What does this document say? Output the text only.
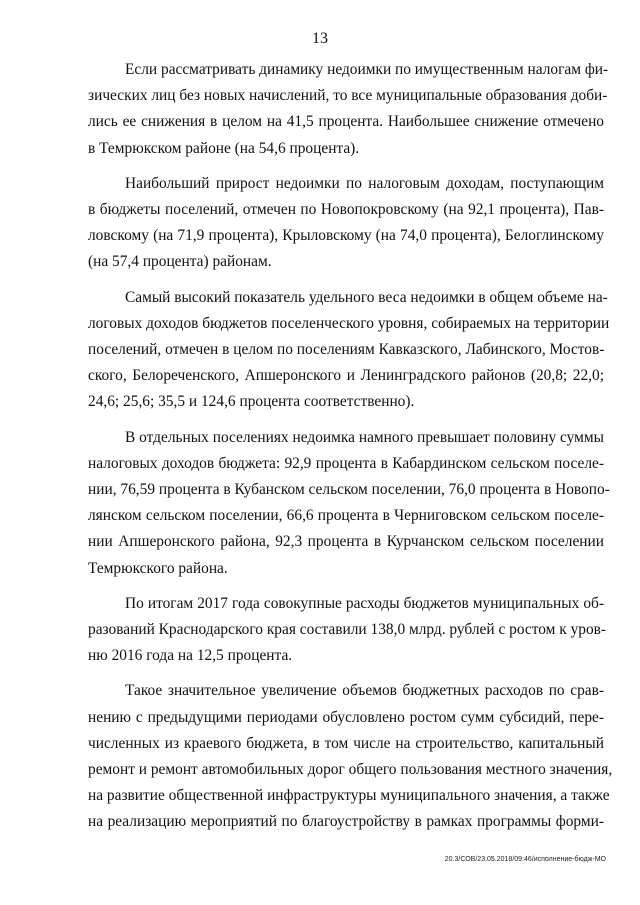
13

Если рассматривать динамику недоимки по имущественным налогам фи-
зических лиц без новых начислений, то все муниципальные образования доби-
лись ее снижения в целом на 41,5 процента. Наибольшее снижение отмечено
в Темрюкском районе (на 54,6 процента).

Наибольший прирост недоимки по налоговым доходам, поступающим
в бюджеты поселений, отмечен по Новопокровскому (на 92,1 процента), Пав-
ловскому (на 71,9 процента), Крыловскому (на 74,0 процента), Белоглинскому
(на 57,4 процента) районам.

Самый высокий показатель удельного веса недоимки в общем объеме на-
логовых доходов бюджетов поселенческого уровня, собираемых на территории
поселений, отмечен в целом по поселениям Кавказского, Лабинского, Мостов-
ского, Белореченского, Апшеронского и Ленинградского районов (20,8; 22,0;
24,6; 25,6; 35,5 и 124,6 процента соответственно).

В отдельных поселениях недоимка намного превышает половину суммы
налоговых доходов бюджета: 92,9 процента в Кабардинском сельском поселе-
нии, 76,59 процента в Кубанском сельском поселении, 76,0 процента в Новопо-
лянском сельском поселении, 66,6 процента в Черниговском сельском поселе-
нии Апшеронского района, 92,3 процента в Курчанском сельском поселении
Темрюкского района.

По итогам 2017 года совокупные расходы бюджетов муниципальных об-
разований Краснодарского края составили 138,0 млрд. рублей с ростом к уров-
ню 2016 года на 12,5 процента.

Такое значительное увеличение объемов бюджетных расходов по срав-
нению с предыдущими периодами обусловлено ростом сумм субсидий, пере-
численных из краевого бюджета, в том числе на строительство, капитальный
ремонт и ремонт автомобильных дорог общего пользования местного значения,
на развитие общественной инфраструктуры муниципального значения, а также
на реализацию мероприятий по благоустройству в рамках программы форми-

20.3/СОВ/23.05.2018/09:46/исполнение-бюдж-МО
